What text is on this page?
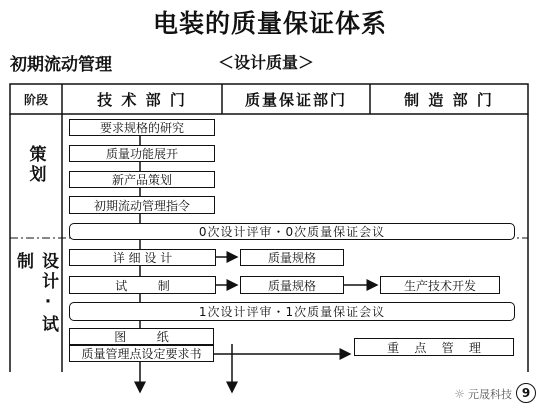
电装的质量保证体系
初期流动管理	＜设计质量＞
阶段	技 术 部 门	质量保证部门	制 造 部 门
策划
设计·试制
要求规格的研究
质量功能展开
新产品策划
初期流动管理指令
0次设计评审・0次质量保证会议
详 细 设 计	质量规格
试        制	质量规格	生产技术开发
1次设计评审・1次质量保证会议
图        纸
质量管理点设定要求书	重    点    管    理
☼ 元晟科技 9
